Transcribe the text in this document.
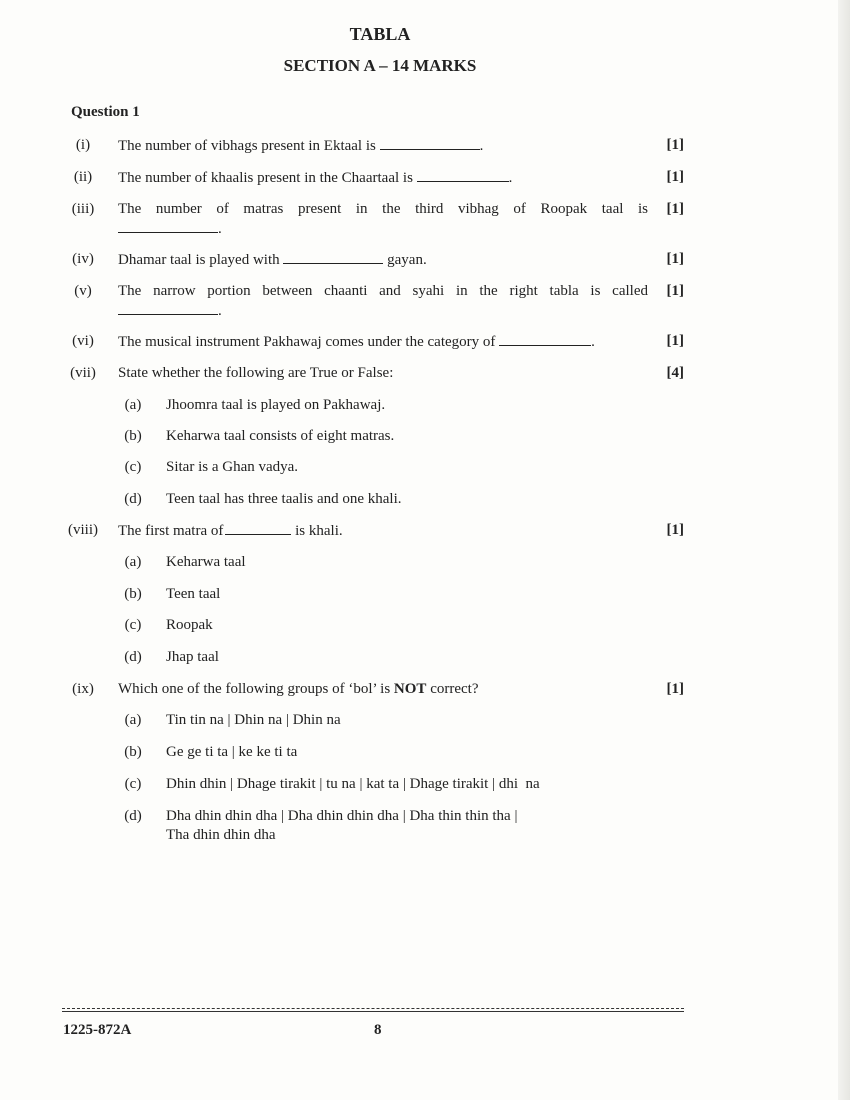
TABLA
SECTION A – 14 MARKS
Question 1
(i)	The number of vibhags present in Ektaal is	.	[1]
(ii)	The number of khaalis present in the Chaartaal is	.	[1]
(iii)	The number of matras present in the third vibhag of Roopak taal is	[1]
.
(iv)	Dhamar taal is played with	gayan.	[1]
(v)	The narrow portion between chaanti and syahi in the right tabla is called	[1]
.
(vi)	The musical instrument Pakhawaj comes under the category of	.	[1]
(vii) State whether the following are True or False:	[4]
(a)	Jhoomra taal is played on Pakhawaj.
(b)	Keharwa taal consists of eight matras.
(c)	Sitar is a Ghan vadya.
(d)	Teen taal has three taalis and one khali.
(viii) The first matra of	is khali.	[1]
(a)	Keharwa taal
(b)	Teen taal
(c)	Roopak
(d)	Jhap taal
(ix)	Which one of the following groups of ‘bol’ is NOT correct?	[1]
(a)	Tin tin na | Dhin na | Dhin na
(b)	Ge ge ti ta | ke ke ti ta
(c)	Dhin dhin | Dhage tirakit | tu na | kat ta | Dhage tirakit | dhi  na
(d)	Dha dhin dhin dha | Dha dhin dhin dha | Dha thin thin tha |
Tha dhin dhin dha
1225-872A	8
